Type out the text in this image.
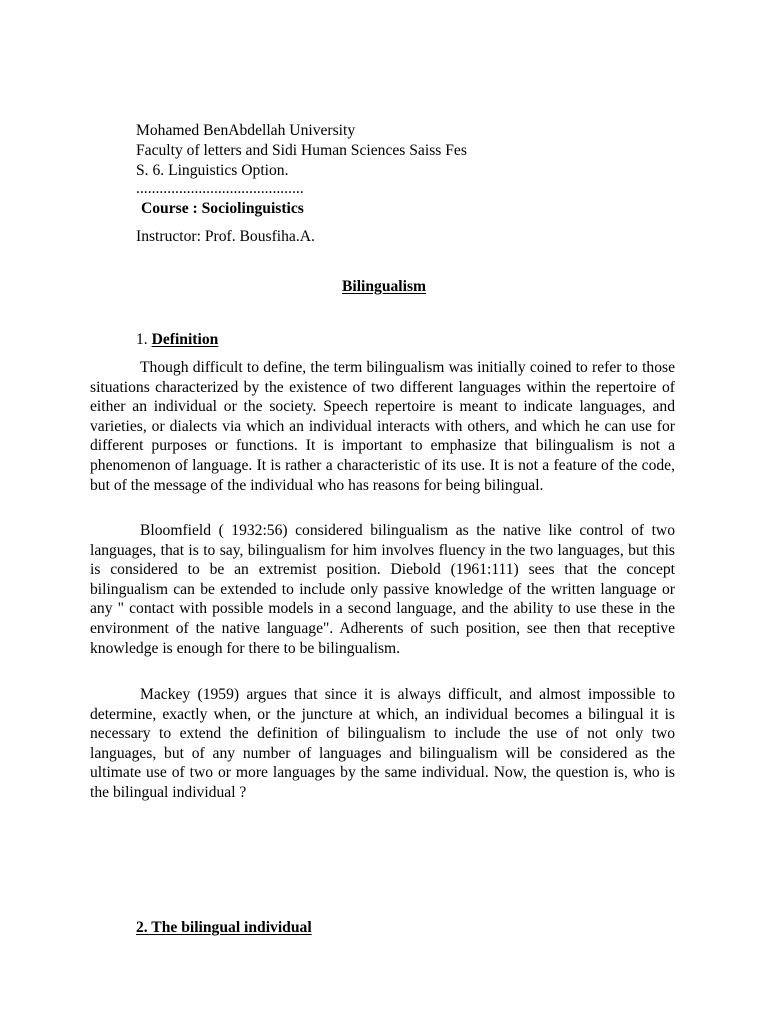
Mohamed BenAbdellah University
Faculty of letters and Sidi Human Sciences Saiss Fes
S. 6. Linguistics Option.
...........................................
Course : Sociolinguistics
Instructor: Prof. Bousfiha.A.
Bilingualism
1. Definition

Though difficult to define, the term bilingualism was initially coined to refer to those situations characterized by the existence of two different languages within the repertoire of either an individual or the society. Speech repertoire is meant to indicate languages, and varieties, or dialects via which an individual interacts with others, and which he can use for different purposes or functions. It is important to emphasize that bilingualism is not a phenomenon of language. It is rather a characteristic of its use. It is not a feature of the code, but of the message of the individual who has reasons for being bilingual.

Bloomfield ( 1932:56) considered bilingualism as the native like control of two languages, that is to say, bilingualism for him involves fluency in the two languages, but this is considered to be an extremist position. Diebold (1961:111) sees that the concept bilingualism can be extended to include only passive knowledge of the written language or any " contact with possible models in a second language, and the ability to use these in the environment of the native language". Adherents of such position, see then that receptive knowledge is enough for there to be bilingualism.

Mackey (1959) argues that since it is always difficult, and almost impossible to determine, exactly when, or the juncture at which, an individual becomes a bilingual it is necessary to extend the definition of bilingualism to include the use of not only two languages, but of any number of languages and bilingualism will be considered as the ultimate use of two or more languages by the same individual. Now, the question is, who is the bilingual individual ?

2. The bilingual individual
